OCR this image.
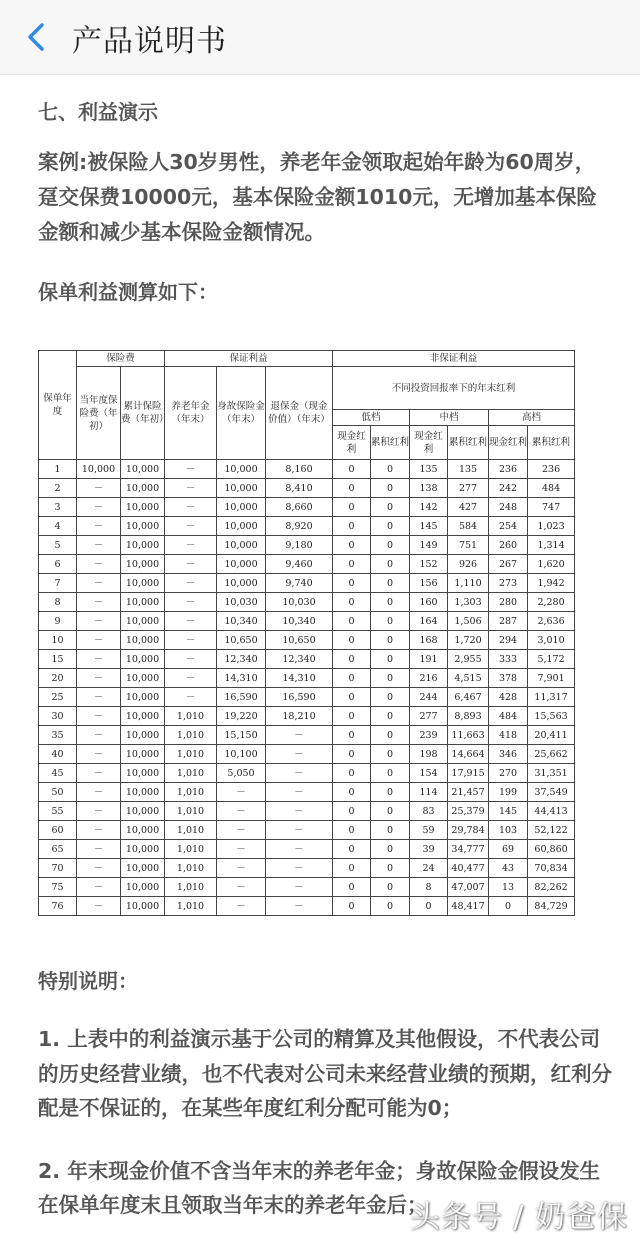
产品说明书
七、利益演示
案例:被保险人30岁男性，养老年金领取起始年龄为60周岁，趸交保费10000元，基本保险金额1010元，无增加基本保险金额和减少基本保险金额情况。
保单利益测算如下：
保单年度	保险费		保证利益			非保证利益					
	当年度保险费（年初）	累计保险费（年初）	养老年金（年末）	身故保险金（年末）	退保金（现金价值）（年末）	不同投资回报率下的年末红利					
						低档		中档		高档	
						现金红利	累积红利	现金红利	累积红利	现金红利	累积红利
1	10,000	10,000	－	10,000	8,160	0	0	135	135	236	236
2	－	10,000	－	10,000	8,410	0	0	138	277	242	484
3	－	10,000	－	10,000	8,660	0	0	142	427	248	747
4	－	10,000	－	10,000	8,920	0	0	145	584	254	1,023
5	－	10,000	－	10,000	9,180	0	0	149	751	260	1,314
6	－	10,000	－	10,000	9,460	0	0	152	926	267	1,620
7	－	10,000	－	10,000	9,740	0	0	156	1,110	273	1,942
8	－	10,000	－	10,030	10,030	0	0	160	1,303	280	2,280
9	－	10,000	－	10,340	10,340	0	0	164	1,506	287	2,636
10	－	10,000	－	10,650	10,650	0	0	168	1,720	294	3,010
15	－	10,000	－	12,340	12,340	0	0	191	2,955	333	5,172
20	－	10,000	－	14,310	14,310	0	0	216	4,515	378	7,901
25	－	10,000	－	16,590	16,590	0	0	244	6,467	428	11,317
30	－	10,000	1,010	19,220	18,210	0	0	277	8,893	484	15,563
35	－	10,000	1,010	15,150	－	0	0	239	11,663	418	20,411
40	－	10,000	1,010	10,100	－	0	0	198	14,664	346	25,662
45	－	10,000	1,010	5,050	－	0	0	154	17,915	270	31,351
50	－	10,000	1,010	－	－	0	0	114	21,457	199	37,549
55	－	10,000	1,010	－	－	0	0	83	25,379	145	44,413
60	－	10,000	1,010	－	－	0	0	59	29,784	103	52,122
65	－	10,000	1,010	－	－	0	0	39	34,777	69	60,860
70	－	10,000	1,010	－	－	0	0	24	40,477	43	70,834
75	－	10,000	1,010	－	－	0	0	8	47,007	13	82,262
76	－	10,000	1,010	－	－	0	0	0	48,417	0	84,729
特别说明：
1. 上表中的利益演示基于公司的精算及其他假设，不代表公司的历史经营业绩，也不代表对公司未来经营业绩的预期，红利分配是不保证的，在某些年度红利分配可能为0；
2. 年末现金价值不含当年末的养老年金；身故保险金假设发生在保单年度末且领取当年末的养老年金后；
头条号 / 奶爸保
